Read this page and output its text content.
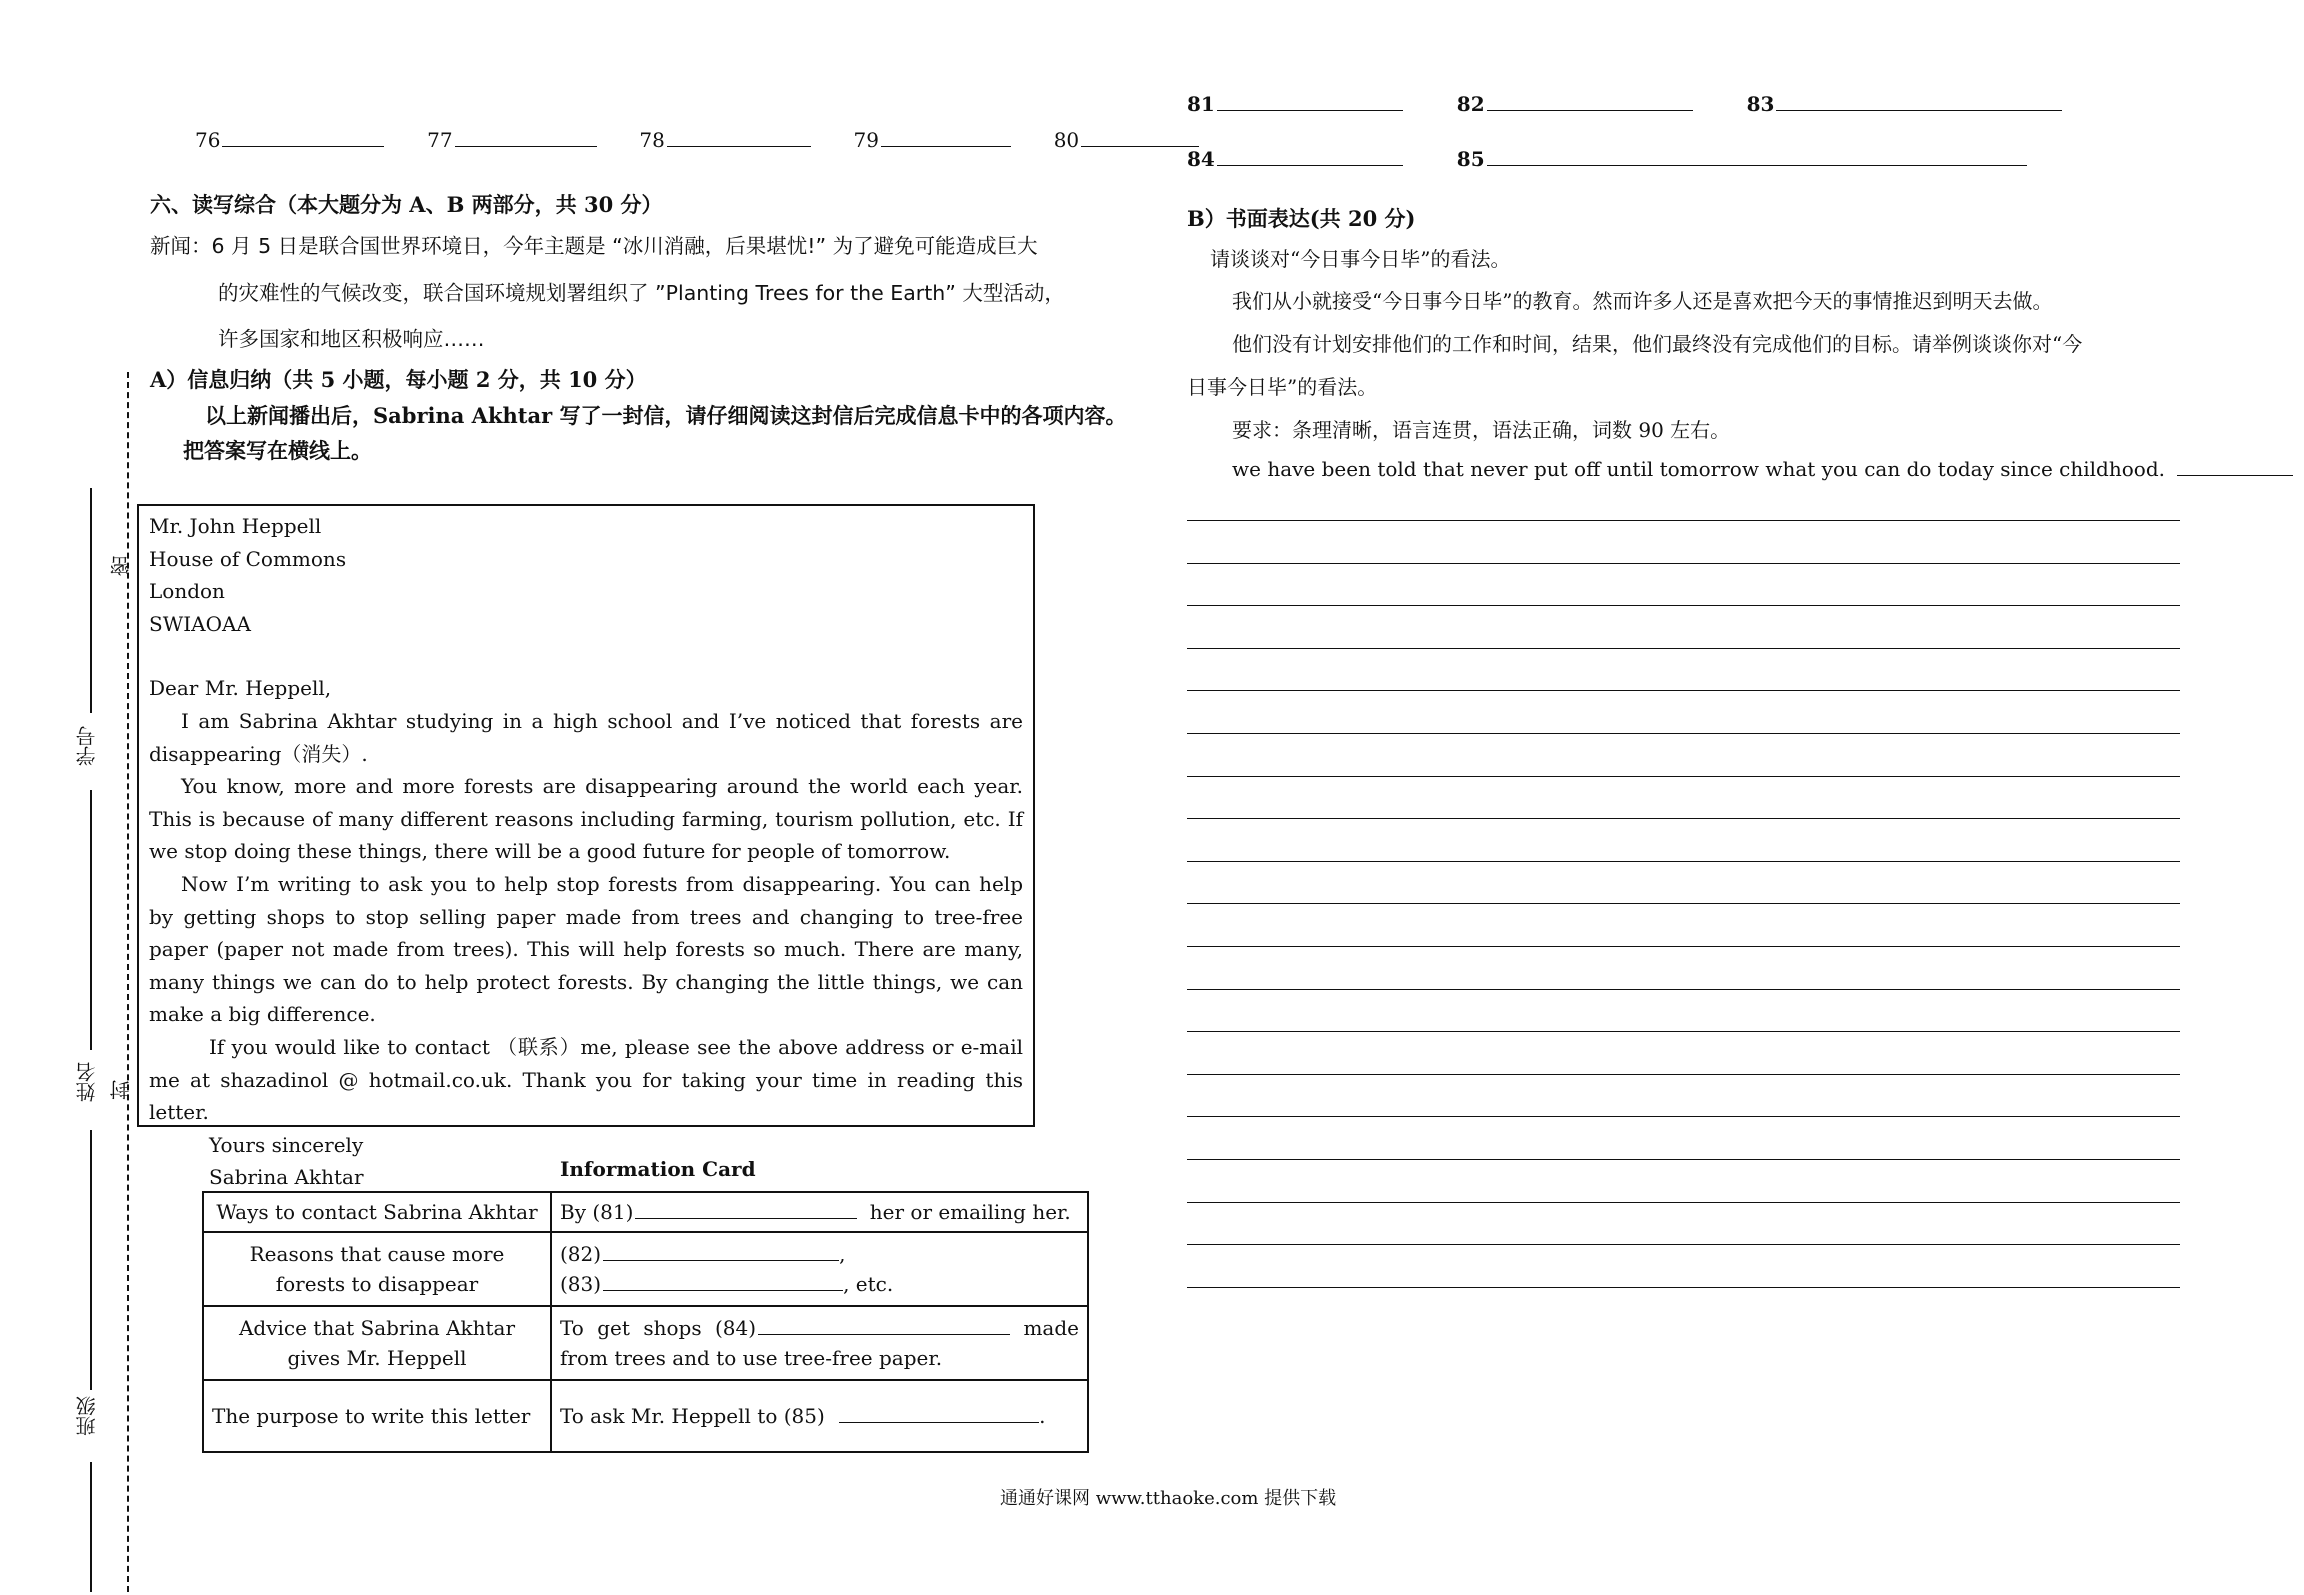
学号
姓名
班级
密
封
76	77	78	79	80
六、读写综合（本大题分为 A、B 两部分，共 30 分）
新闻：6 月 5 日是联合国世界环境日，今年主题是 “冰川消融，后果堪忧!” 为了避免可能造成巨大
的灾难性的气候改变，联合国环境规划署组织了 ”Planting Trees for the Earth” 大型活动，
许多国家和地区积极响应……
A）信息归纳（共 5 小题，每小题 2 分，共 10 分）
以上新闻播出后，Sabrina Akhtar 写了一封信，请仔细阅读这封信后完成信息卡中的各项内容。
把答案写在横线上。

Mr. John Heppell

House of Commons

London

SWIAOAA

Dear Mr. Heppell,

I am Sabrina Akhtar studying in a high school and I’ve noticed that forests are disappearing（消失）.

You know, more and more forests are disappearing around the world each year. This is because of many different reasons including farming, tourism pollution, etc. If we stop doing these things, there will be a good future for people of tomorrow.

Now I’m writing to ask you to help stop forests from disappearing. You can help by getting shops to stop selling paper made from trees and changing to tree-free paper (paper not made from trees). This will help forests so much. There are many, many things we can do to help protect forests. By changing the little things, we can make a big difference.

If you would like to contact （联系）me, please see the above address or e-mail me at shazadinol @ hotmail.co.uk. Thank you for taking your time in reading this letter.

Yours sincerely

Sabrina Akhtar	Information Card
Ways to contact Sabrina Akhtar	By (81) her or emailing her.
Reasons that cause more forests to disappear	(82) ,
(83) , etc.

Advice that Sabrina Akhtar gives Mr. Heppell	To get shops (84) made from trees and to use tree-free paper.
The purpose to write this letter	To ask Mr. Heppell to (85) .
通通好课网 www.tthaoke.com 提供下载
81	82	83
84	85
B）书面表达(共 20 分)
请谈谈对“今日事今日毕”的看法。
我们从小就接受“今日事今日毕”的教育。然而许多人还是喜欢把今天的事情推迟到明天去做。
他们没有计划安排他们的工作和时间，结果，他们最终没有完成他们的目标。请举例谈谈你对“今
日事今日毕”的看法。
要求：条理清晰，语言连贯，语法正确，词数 90 左右。
we have been told that never put off until tomorrow what you can do today since childhood.
